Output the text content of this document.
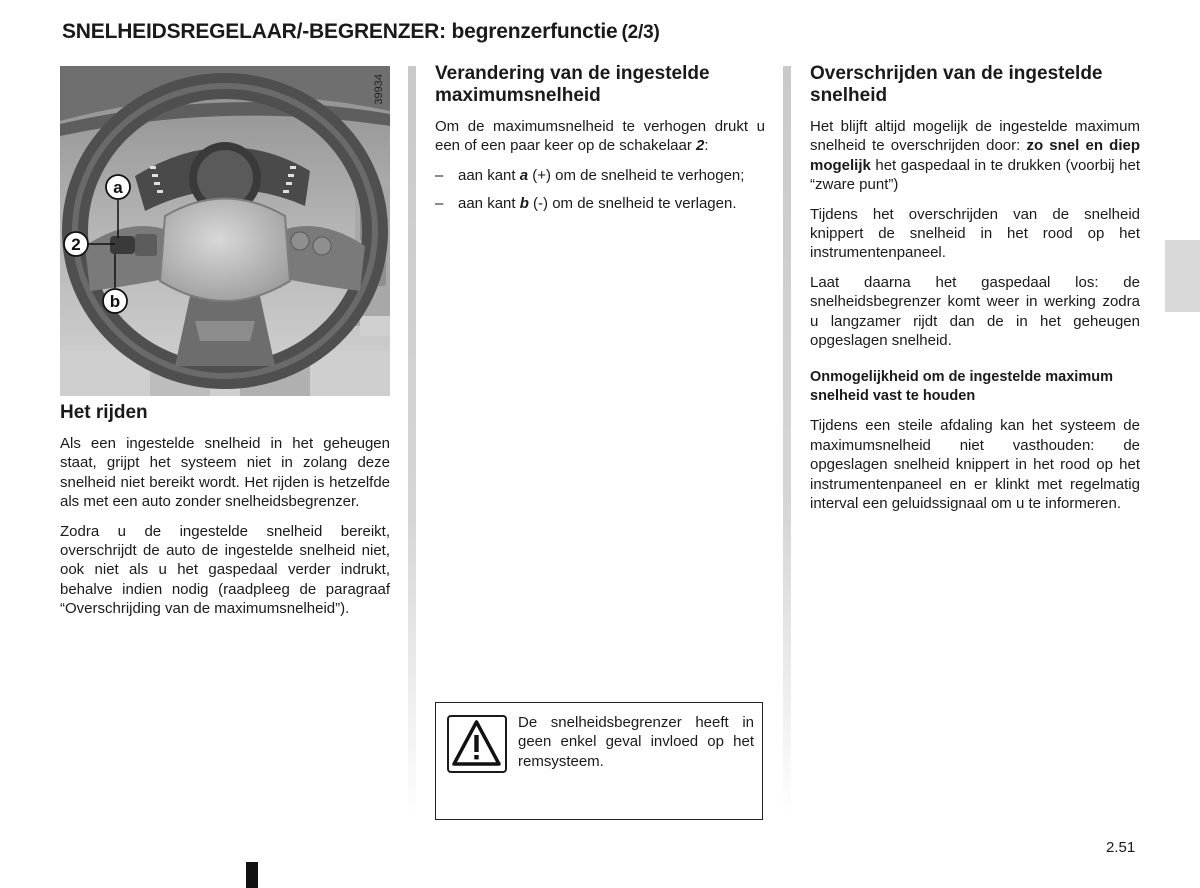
SNELHEIDSREGELAAR/-BEGRENZER: begrenzerfunctie (2/3)
39934
a
2
b
Het rijden

Als een ingestelde snelheid in het geheugen staat, grijpt het systeem niet in zolang deze snelheid niet bereikt wordt. Het rijden is hetzelfde als met een auto zonder snelheidsbegrenzer.

Zodra u de ingestelde snelheid bereikt, overschrijdt de auto de ingestelde snelheid niet, ook niet als u het gaspedaal verder indrukt, behalve indien nodig (raadpleeg de paragraaf “Overschrijding van de maximumsnelheid”).

Verandering van de ingestelde maximumsnelheid

Om de maximumsnelheid te verhogen drukt u een of een paar keer op de schakelaar 2:

– aan kant a (+) om de snelheid te verhogen;
– aan kant b (-) om de snelheid te verlagen.
De snelheidsbegrenzer heeft in geen enkel geval invloed op het remsysteem.
Overschrijden van de ingestelde snelheid

Het blijft altijd mogelijk de ingestelde maximum snelheid te overschrijden door: zo snel en diep mogelijk het gaspedaal in te drukken (voorbij het “zware punt”)

Tijdens het overschrijden van de snelheid knippert de snelheid in het rood op het instrumentenpaneel.

Laat daarna het gaspedaal los: de snelheidsbegrenzer komt weer in werking zodra u langzamer rijdt dan de in het geheugen opgeslagen snelheid.

Onmogelijkheid om de ingestelde maximum snelheid vast te houden

Tijdens een steile afdaling kan het systeem de maximumsnelheid niet vasthouden: de opgeslagen snelheid knippert in het rood op het instrumentenpaneel en er klinkt met regelmatig interval een geluidssignaal om u te informeren.

2.51
